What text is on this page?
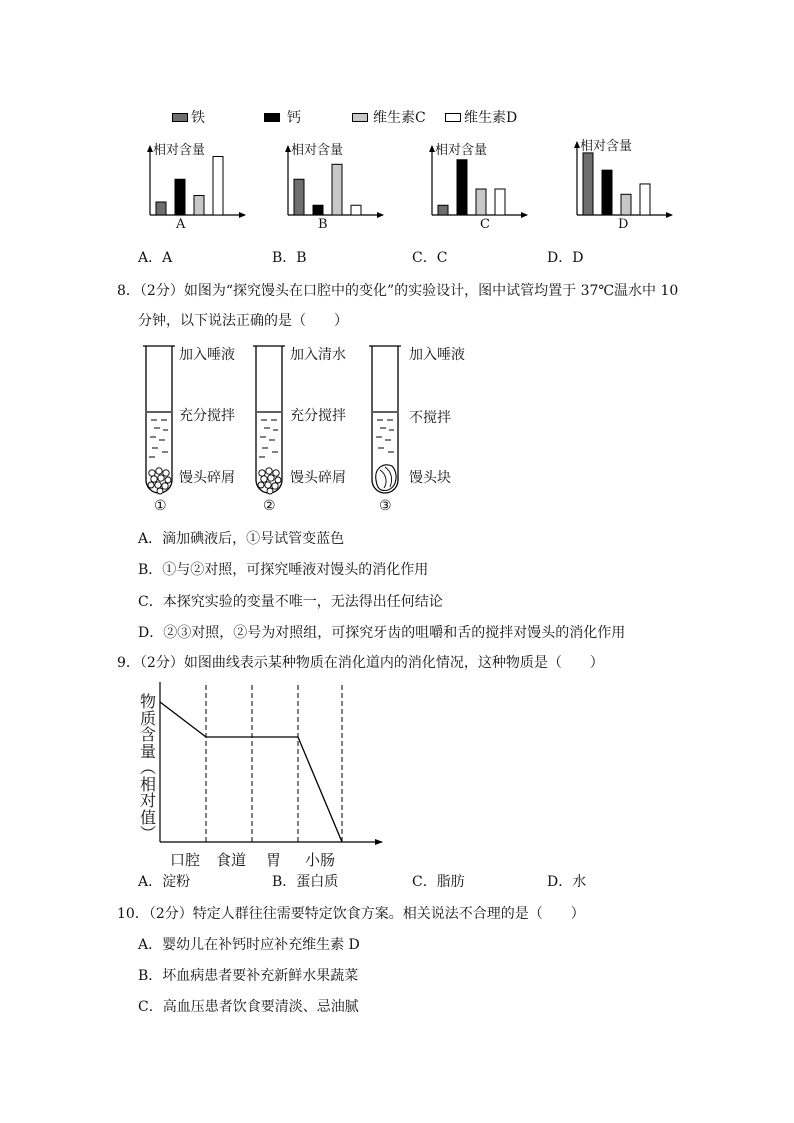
铁	钙	维生素C	维生素D
相对含量
A
相对含量
B
相对含量
C
相对含量
D
A．A	B．B	C．C	D．D
8．（2分）如图为“探究馒头在口腔中的变化”的实验设计，图中试管均置于 37℃温水中 10
分钟，以下说法正确的是（　　）
加入唾液
充分搅拌
馒头碎屑
①
加入清水
充分搅拌
馒头碎屑
②
加入唾液
不搅拌
馒头块
③
A．滴加碘液后，①号试管变蓝色
B．①与②对照，可探究唾液对馒头的消化作用
C．本探究实验的变量不唯一，无法得出任何结论
D．②③对照，②号为对照组，可探究牙齿的咀嚼和舌的搅拌对馒头的消化作用
9．（2分）如图曲线表示某种物质在消化道内的消化情况，这种物质是（　　）
物
质
含
量
︵
相
对
值
︶
口腔 食道 胃 小肠
A．淀粉	B．蛋白质	C．脂肪	D．水
10．（2分）特定人群往往需要特定饮食方案。相关说法不合理的是（　　）
A．婴幼儿在补钙时应补充维生素 D
B．坏血病患者要补充新鲜水果蔬菜
C．高血压患者饮食要清淡、忌油腻
